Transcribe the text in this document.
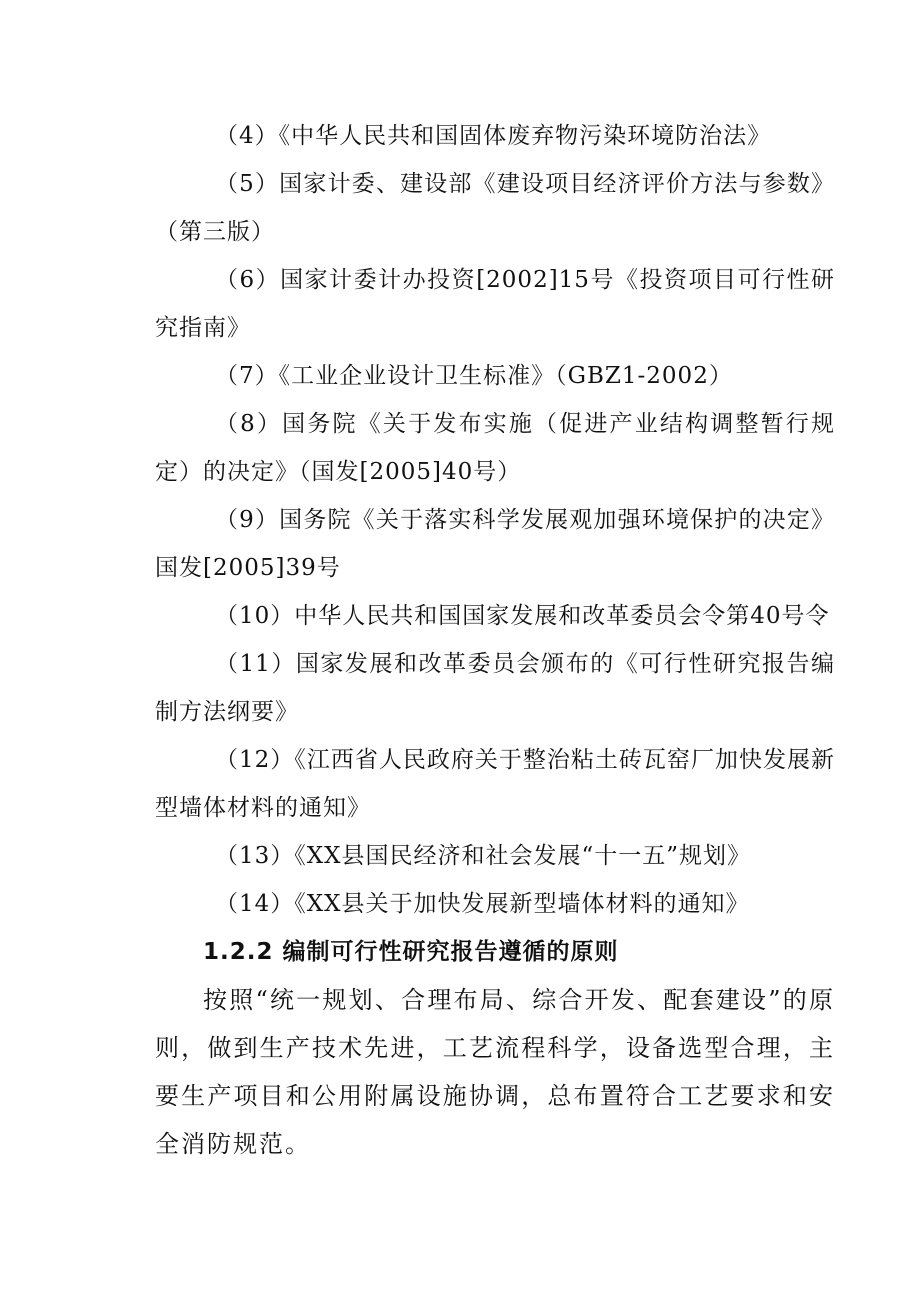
（4）《中华人民共和国固体废弃物污染环境防治法》

（5）国家计委、建设部《建设项目经济评价方法与参数》（第三版）

（6）国家计委计办投资[2002]15号《投资项目可行性研究指南》

（7）《工业企业设计卫生标准》（GBZ1-2002）

（8）国务院《关于发布实施（促进产业结构调整暂行规定）的决定》（国发[2005]40号）

（9）国务院《关于落实科学发展观加强环境保护的决定》国发[2005]39号

（10）中华人民共和国国家发展和改革委员会令第40号令

（11）国家发展和改革委员会颁布的《可行性研究报告编制方法纲要》

（12）《江西省人民政府关于整治粘土砖瓦窑厂加快发展新型墙体材料的通知》

（13）《XX县国民经济和社会发展“十一五”规划》

（14）《XX县关于加快发展新型墙体材料的通知》

1.2.2 编制可行性研究报告遵循的原则

按照“统一规划、合理布局、综合开发、配套建设”的原则，做到生产技术先进，工艺流程科学，设备选型合理，主要生产项目和公用附属设施协调，总布置符合工艺要求和安全消防规范。
